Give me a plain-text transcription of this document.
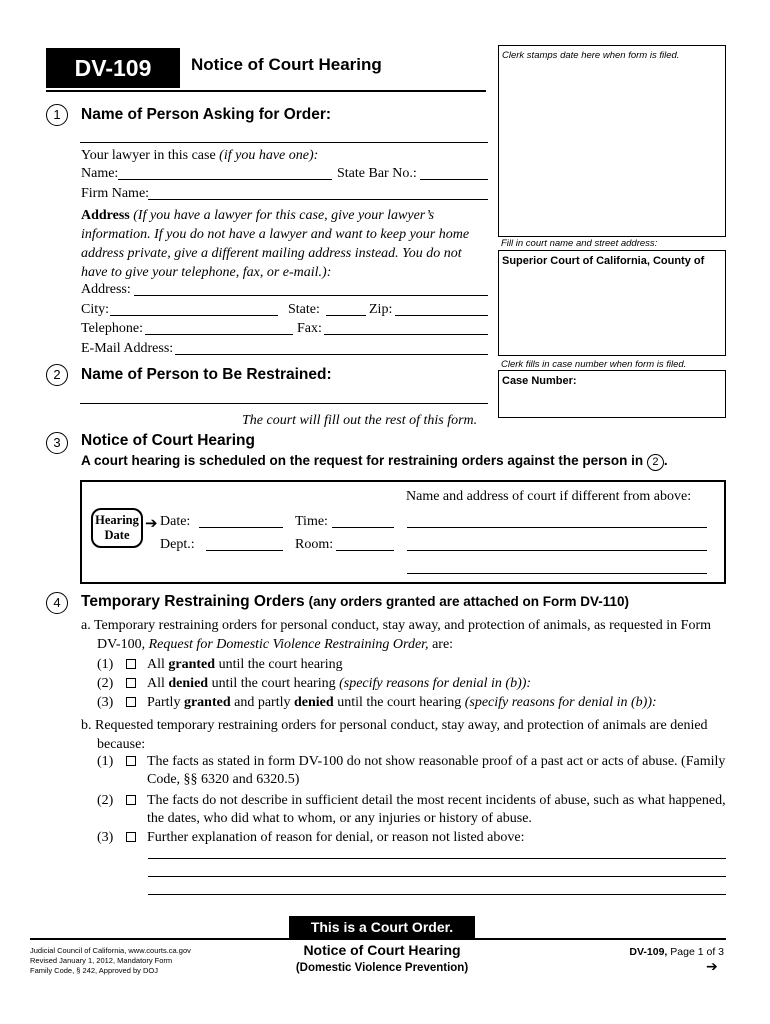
DV-109	Notice of Court Hearing	Clerk stamps date here when form is filed.
Fill in court name and street address:
Superior Court of California, County of
Clerk fills in case number when form is filed.
Case Number:
1	Name of Person Asking for Order:
Your lawyer in this case (if you have one):
Name:	State Bar No.:
Firm Name:
Address (If you have a lawyer for this case, give your lawyer’s
information. If you do not have a lawyer and want to keep your home
address private, give a different mailing address instead. You do not
have to give your telephone, fax, or e-mail.):
Address:
City:	State:	Zip:
Telephone:	Fax:
E-Mail Address:
2	Name of Person to Be Restrained:
The court will fill out the rest of this form.
3	Notice of Court Hearing
A court hearing is scheduled on the request for restraining orders against the person in 2 .
Hearing
Date
➔ Date:	Time:
Dept.:	Room:
Name and address of court if different from above:
4	Temporary Restraining Orders (any orders granted are attached on Form DV-110)
a. Temporary restraining orders for personal conduct, stay away, and protection of animals, as requested in Form
DV-100, Request for Domestic Violence Restraining Order, are:
(1) All granted until the court hearing
(2) All denied until the court hearing (specify reasons for denial in (b)):
(3) Partly granted and partly denied until the court hearing (specify reasons for denial in (b)):
b. Requested temporary restraining orders for personal conduct, stay away, and protection of animals are denied
because:
(1) The facts as stated in form DV-100 do not show reasonable proof of a past act or acts of abuse. (Family
Code, §§ 6320 and 6320.5)
(2) The facts do not describe in sufficient detail the most recent incidents of abuse, such as what happened,
the dates, who did what to whom, or any injuries or history of abuse.
(3) Further explanation of reason for denial, or reason not listed above:
This is a Court Order.
Judicial Council of California, www.courts.ca.gov
Revised January 1, 2012, Mandatory Form
Family Code, § 242, Approved by DOJ
Notice of Court Hearing
(Domestic Violence Prevention)
DV-109, Page 1 of 3
➔
